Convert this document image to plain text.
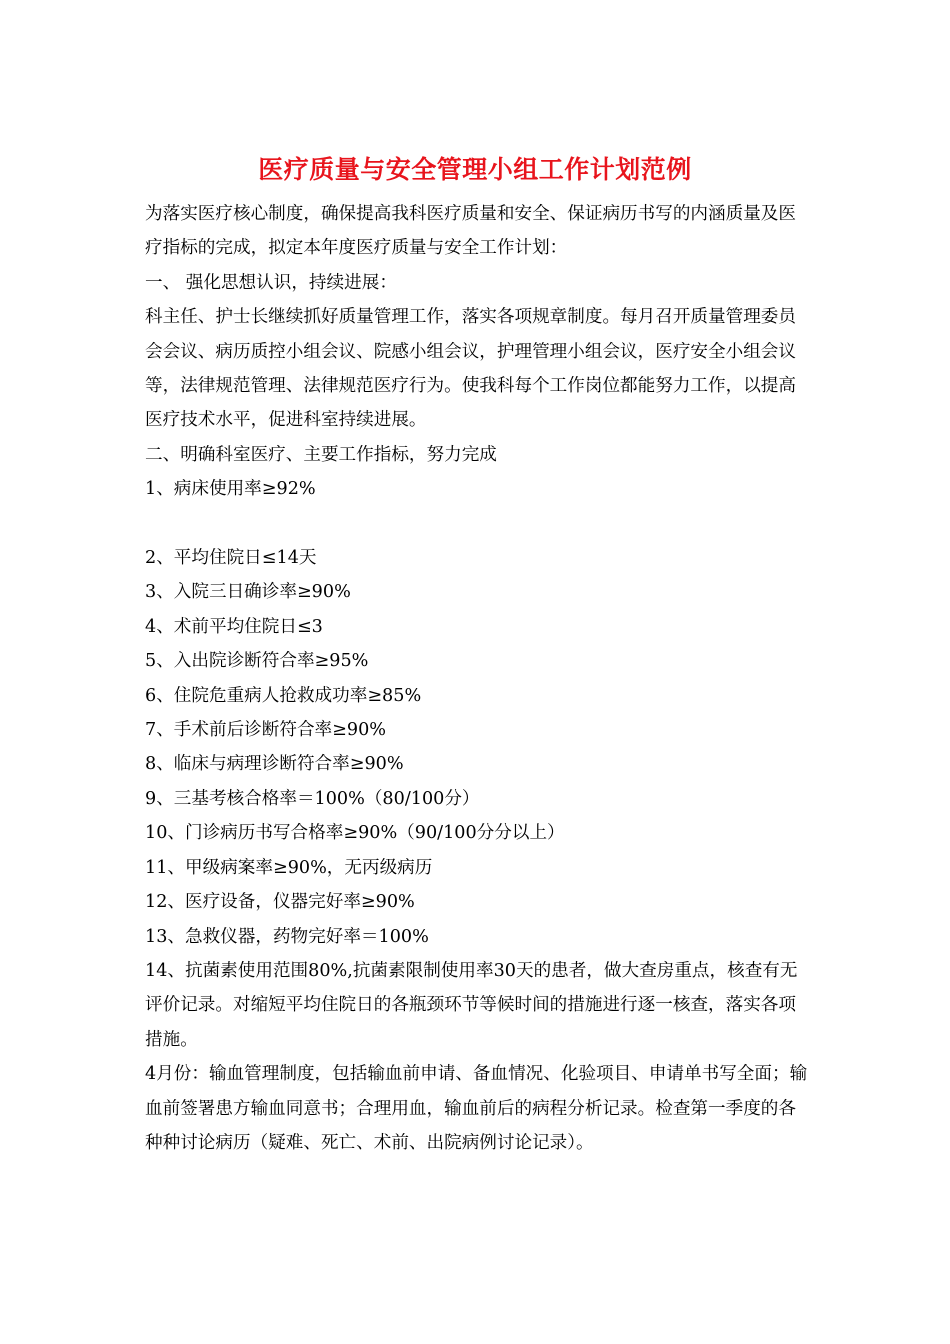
医疗质量与安全管理小组工作计划范例

为落实医疗核心制度，确保提高我科医疗质量和安全、保证病历书写的内涵质量及医疗指标的完成，拟定本年度医疗质量与安全工作计划：

一、 强化思想认识，持续进展：

科主任、护士长继续抓好质量管理工作，落实各项规章制度。每月召开质量管理委员会会议、病历质控小组会议、院感小组会议，护理管理小组会议，医疗安全小组会议等，法律规范管理、法律规范医疗行为。使我科每个工作岗位都能努力工作，以提高医疗技术水平，促进科室持续进展。

二、明确科室医疗、主要工作指标，努力完成

1、病床使用率≥92%

2、平均住院日≤14天

3、入院三日确诊率≥90%

4、术前平均住院日≤3

5、入出院诊断符合率≥95%

6、住院危重病人抢救成功率≥85%

7、手术前后诊断符合率≥90%

8、临床与病理诊断符合率≥90%

9、三基考核合格率＝100%（80/100分）

10、门诊病历书写合格率≥90%（90/100分分以上）

11、甲级病案率≥90%，无丙级病历

12、医疗设备，仪器完好率≥90%

13、急救仪器，药物完好率＝100%

14、抗菌素使用范围80%,抗菌素限制使用率30天的患者，做大查房重点，核查有无评价记录。对缩短平均住院日的各瓶颈环节等候时间的措施进行逐一核查，落实各项措施。

4月份：输血管理制度，包括输血前申请、备血情况、化验项目、申请单书写全面；输血前签署患方输血同意书；合理用血，输血前后的病程分析记录。检查第一季度的各种种讨论病历（疑难、死亡、术前、出院病例讨论记录）。
